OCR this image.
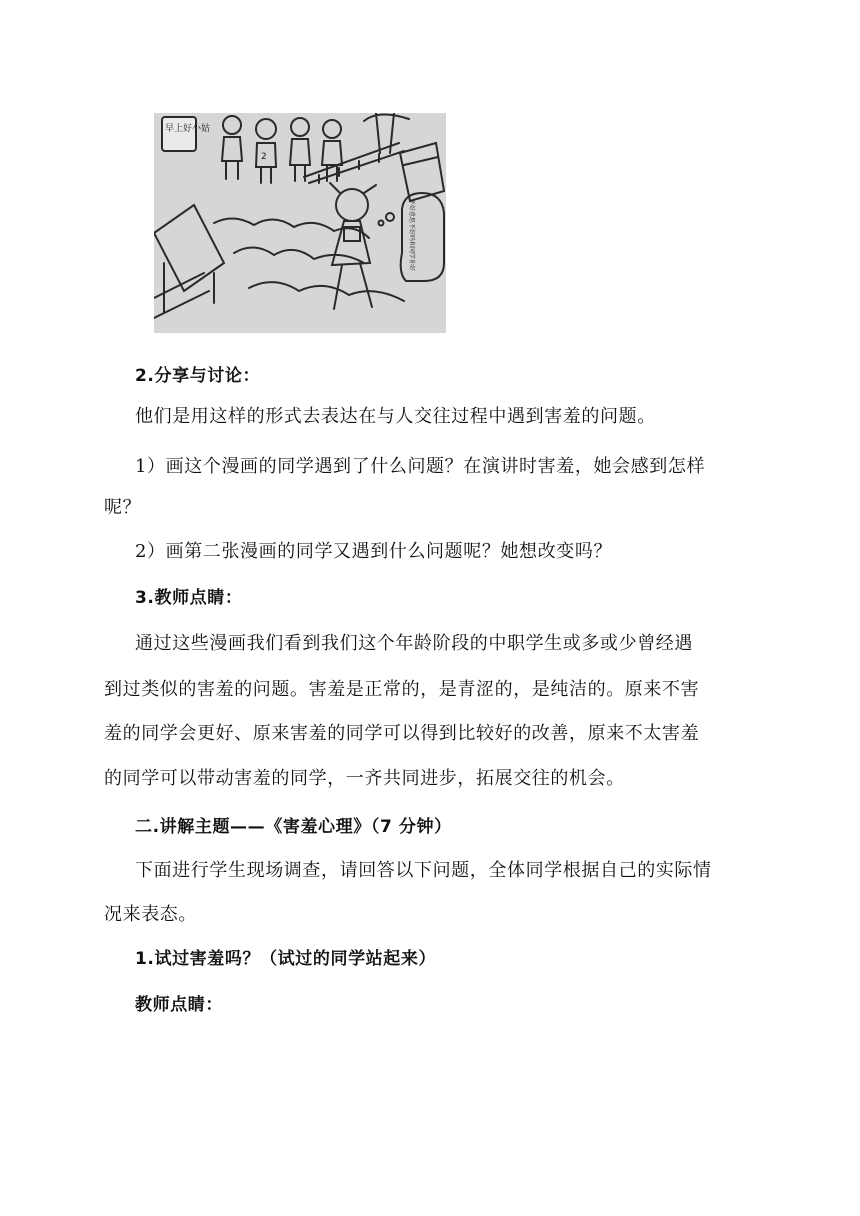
早上好小姑
2
不好意思不好吗和同学你好
2.分享与讨论：
他们是用这样的形式去表达在与人交往过程中遇到害羞的问题。
1）画这个漫画的同学遇到了什么问题？在演讲时害羞，她会感到怎样
呢？
2）画第二张漫画的同学又遇到什么问题呢？她想改变吗？
3.教师点睛：
通过这些漫画我们看到我们这个年龄阶段的中职学生或多或少曾经遇
到过类似的害羞的问题。害羞是正常的，是青涩的，是纯洁的。原来不害
羞的同学会更好、原来害羞的同学可以得到比较好的改善，原来不太害羞
的同学可以带动害羞的同学，一齐共同进步，拓展交往的机会。
二.讲解主题——《害羞心理》（7 分钟）
下面进行学生现场调查，请回答以下问题，全体同学根据自己的实际情
况来表态。
1.试过害羞吗？（试过的同学站起来）
教师点睛：
